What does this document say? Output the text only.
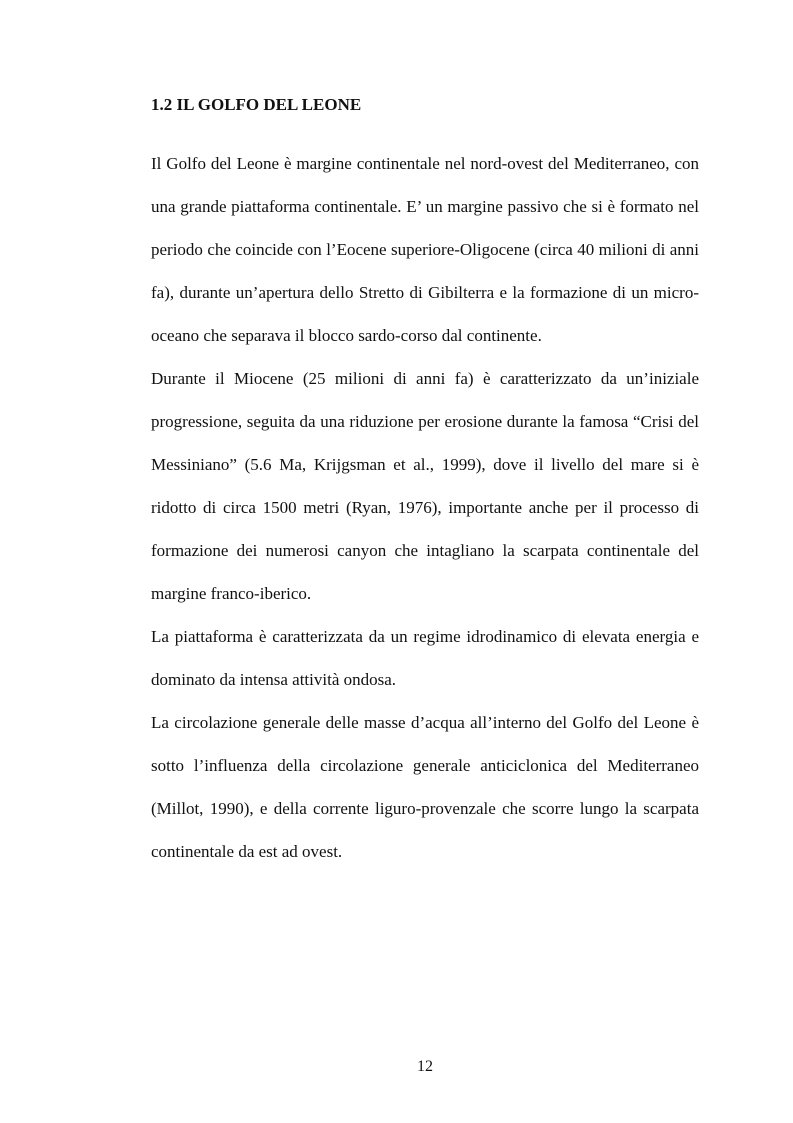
1.2 IL GOLFO DEL LEONE

Il Golfo del Leone è margine continentale nel nord-ovest del Mediterraneo, con una grande piattaforma continentale. E’ un margine passivo che si è formato nel periodo che coincide con l’Eocene superiore-Oligocene (circa 40 milioni di anni fa), durante un’apertura dello Stretto di Gibilterra e la formazione di un micro-oceano che separava il blocco sardo-corso dal continente.

Durante il Miocene (25 milioni di anni fa) è caratterizzato da un’iniziale progressione, seguita da una riduzione per erosione durante la famosa “Crisi del Messiniano” (5.6 Ma, Krijgsman et al., 1999), dove il livello del mare si è ridotto di circa 1500 metri (Ryan, 1976), importante anche per il processo di formazione dei numerosi canyon che intagliano la scarpata continentale del margine franco-iberico.

La piattaforma è caratterizzata da un regime idrodinamico di elevata energia e dominato da intensa attività ondosa.

La circolazione generale delle masse d’acqua all’interno del Golfo del Leone è sotto l’influenza della circolazione generale anticiclonica del Mediterraneo (Millot, 1990), e della corrente liguro-provenzale che scorre lungo la scarpata continentale da est ad ovest.

12
